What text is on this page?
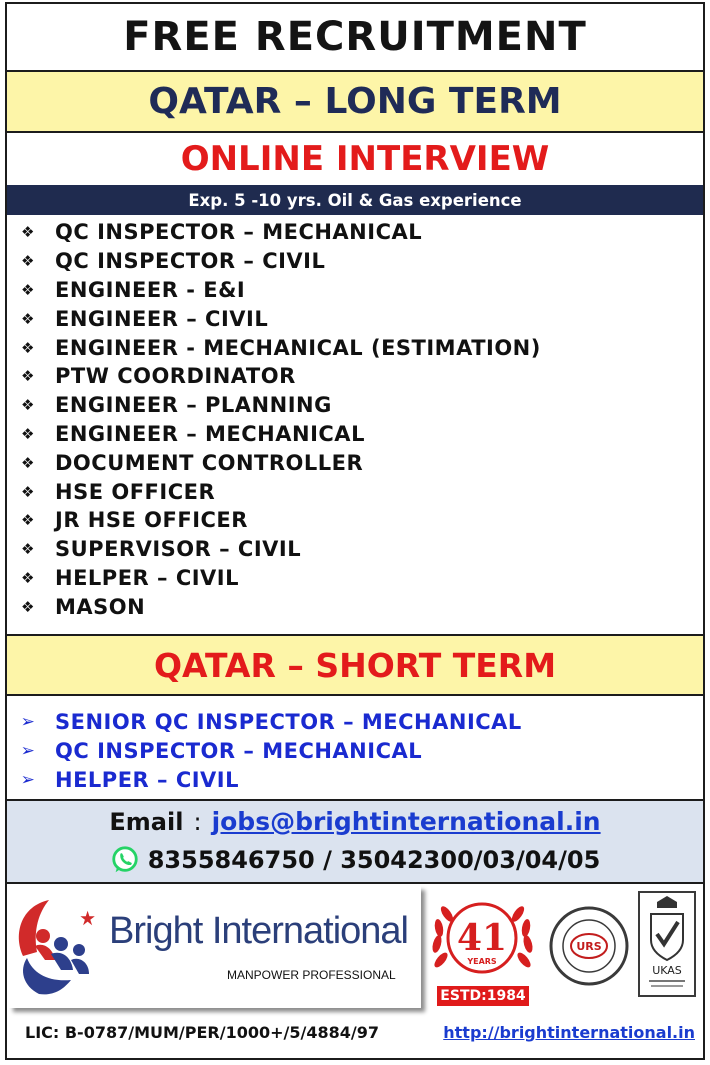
FREE RECRUITMENT
QATAR – LONG TERM
ONLINE INTERVIEW
Exp. 5 -10 yrs. Oil & Gas experience
❖ QC INSPECTOR – MECHANICAL
❖ QC INSPECTOR – CIVIL
❖ ENGINEER - E&I
❖ ENGINEER – CIVIL
❖ ENGINEER - MECHANICAL (ESTIMATION)
❖ PTW COORDINATOR
❖ ENGINEER – PLANNING
❖ ENGINEER – MECHANICAL
❖ DOCUMENT CONTROLLER
❖ HSE OFFICER
❖ JR HSE OFFICER
❖ SUPERVISOR – CIVIL
❖ HELPER – CIVIL
❖ MASON
QATAR – SHORT TERM
➢ SENIOR QC INSPECTOR – MECHANICAL
➢ QC INSPECTOR – MECHANICAL
➢ HELPER – CIVIL
Email : jobs@brightinternational.in
8355846750 / 35042300/03/04/05
Bright International
MANPOWER PROFESSIONAL
41
YEARS
ESTD:1984
URS
UKAS
LIC: B-0787/MUM/PER/1000+/5/4884/97	http://brightinternational.in
